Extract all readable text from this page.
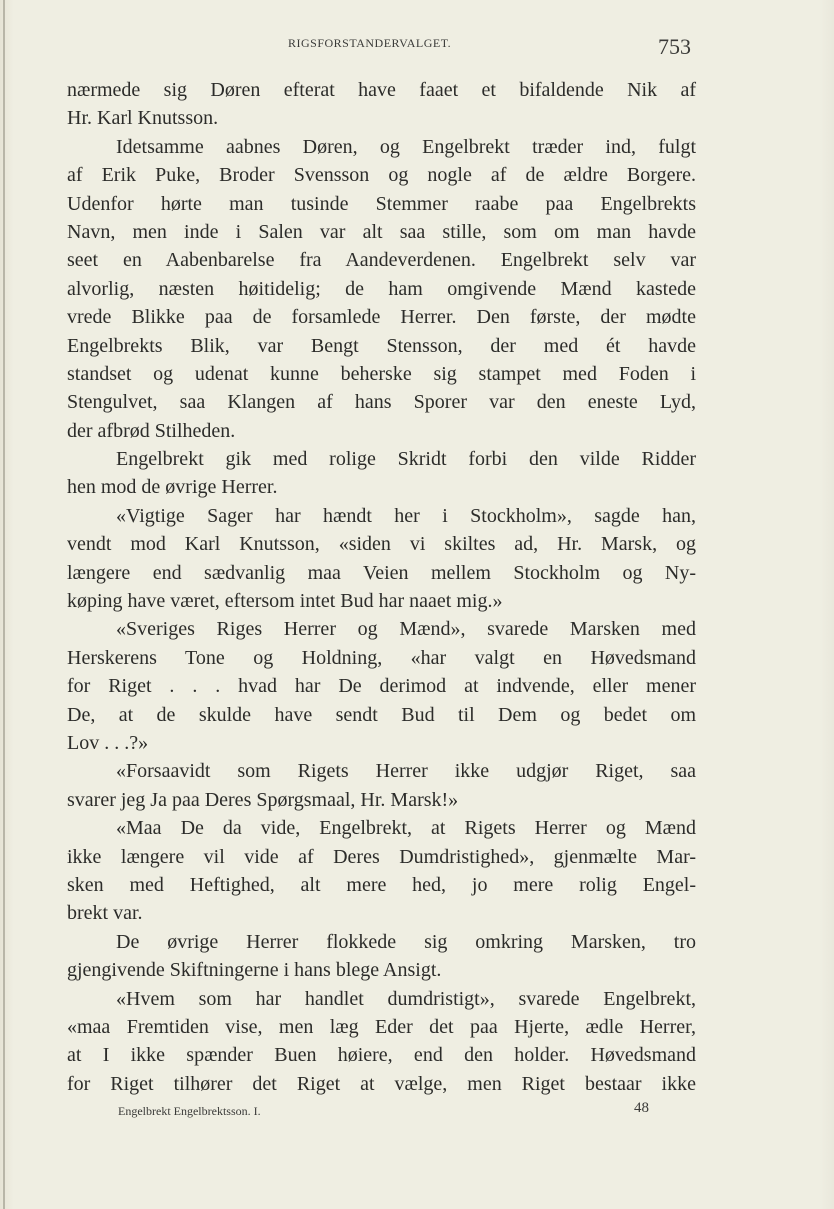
RIGSFORSTANDERVALGET.	753
nærmede sig Døren efterat have faaet et bifaldende Nik af
Hr. Karl Knutsson.
Idetsamme aabnes Døren, og Engelbrekt træder ind, fulgt
af Erik Puke, Broder Svensson og nogle af de ældre Borgere.
Udenfor hørte man tusinde Stemmer raabe paa Engelbrekts
Navn, men inde i Salen var alt saa stille, som om man havde
seet en Aabenbarelse fra Aandeverdenen. Engelbrekt selv var
alvorlig, næsten høitidelig; de ham omgivende Mænd kastede
vrede Blikke paa de forsamlede Herrer. Den første, der mødte
Engelbrekts Blik, var Bengt Stensson, der med ét havde
standset og udenat kunne beherske sig stampet med Foden i
Stengulvet, saa Klangen af hans Sporer var den eneste Lyd,
der afbrød Stilheden.
Engelbrekt gik med rolige Skridt forbi den vilde Ridder
hen mod de øvrige Herrer.
«Vigtige Sager har hændt her i Stockholm», sagde han,
vendt mod Karl Knutsson, «siden vi skiltes ad, Hr. Marsk, og
længere end sædvanlig maa Veien mellem Stockholm og Ny-
køping have været, eftersom intet Bud har naaet mig.»
«Sveriges Riges Herrer og Mænd», svarede Marsken med
Herskerens Tone og Holdning, «har valgt en Høvedsmand
for Riget . . . hvad har De derimod at indvende, eller mener
De, at de skulde have sendt Bud til Dem og bedet om
Lov . . .?»
«Forsaavidt som Rigets Herrer ikke udgjør Riget, saa
svarer jeg Ja paa Deres Spørgsmaal, Hr. Marsk!»
«Maa De da vide, Engelbrekt, at Rigets Herrer og Mænd
ikke længere vil vide af Deres Dumdristighed», gjenmælte Mar-
sken med Heftighed, alt mere hed, jo mere rolig Engel-
brekt var.
De øvrige Herrer flokkede sig omkring Marsken, tro
gjengivende Skiftningerne i hans blege Ansigt.
«Hvem som har handlet dumdristigt», svarede Engelbrekt,
«maa Fremtiden vise, men læg Eder det paa Hjerte, ædle Herrer,
at I ikke spænder Buen høiere, end den holder. Høvedsmand
for Riget tilhører det Riget at vælge, men Riget bestaar ikke
Engelbrekt Engelbrektsson. I.	48
